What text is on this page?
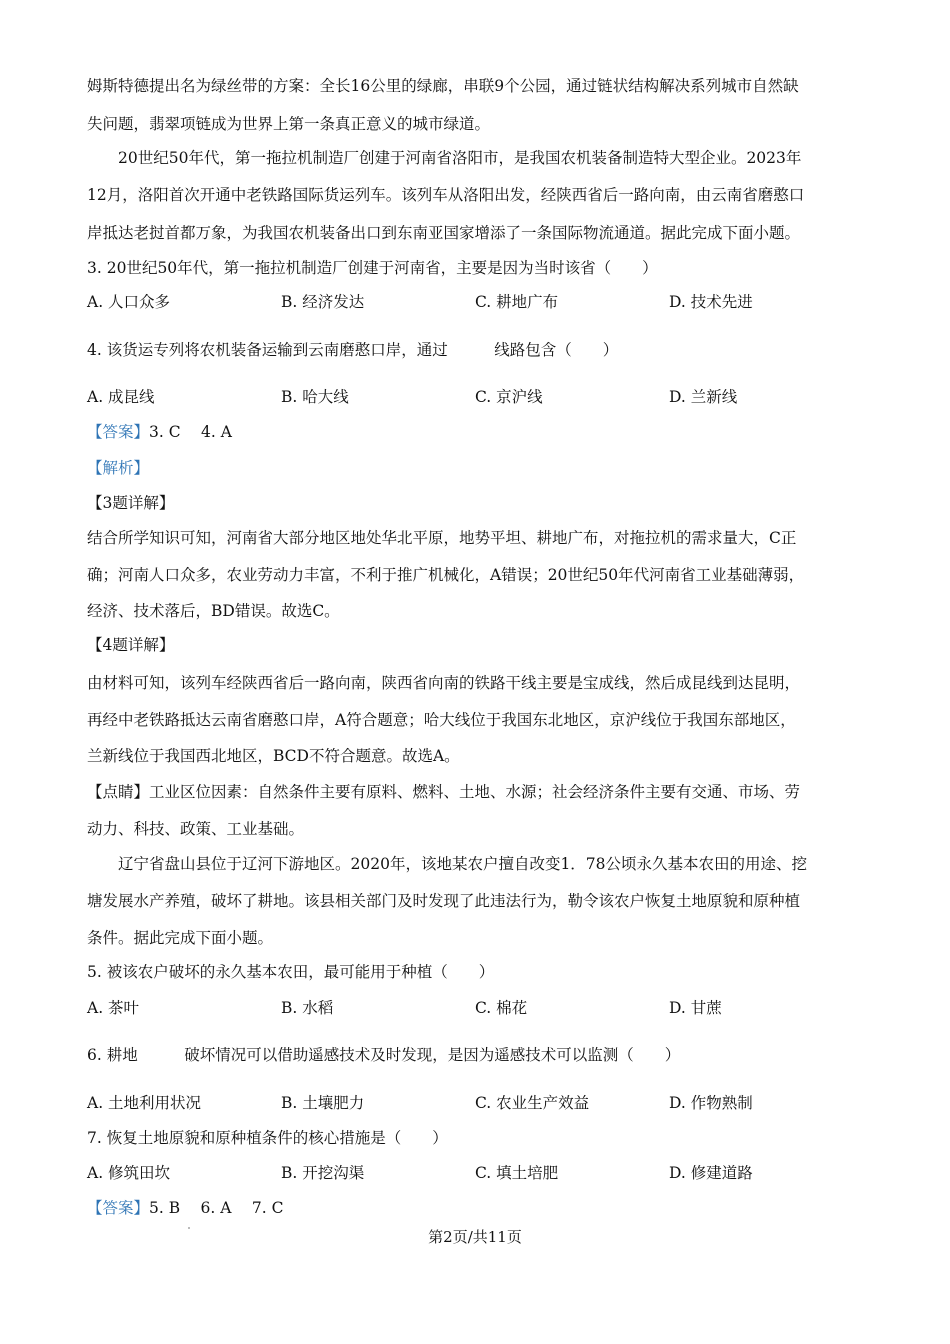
姆斯特德提出名为绿丝带的方案：全长16公里的绿廊，串联9个公园，通过链状结构解决系列城市自然缺
失问题，翡翠项链成为世界上第一条真正意义的城市绿道。
20世纪50年代，第一拖拉机制造厂创建于河南省洛阳市，是我国农机装备制造特大型企业。2023年
12月，洛阳首次开通中老铁路国际货运列车。该列车从洛阳出发，经陕西省后一路向南，由云南省磨憨口
岸抵达老挝首都万象，为我国农机装备出口到东南亚国家增添了一条国际物流通道。据此完成下面小题。
3. 20世纪50年代，第一拖拉机制造厂创建于河南省，主要是因为当时该省（　　）
A. 人口众多	B. 经济发达	C. 耕地广布	D. 技术先进
4. 该货运专列将农机装备运输到云南磨憨口岸，通过　　　线路包含（　　）
A. 成昆线	B. 哈大线	C. 京沪线	D. 兰新线
【答案】3. C　 4. A
【解析】
【3题详解】
结合所学知识可知，河南省大部分地区地处华北平原，地势平坦、耕地广布，对拖拉机的需求量大，C正
确；河南人口众多，农业劳动力丰富，不利于推广机械化，A错误；20世纪50年代河南省工业基础薄弱，
经济、技术落后，BD错误。故选C。
【4题详解】
由材料可知，该列车经陕西省后一路向南，陕西省向南的铁路干线主要是宝成线，然后成昆线到达昆明，
再经中老铁路抵达云南省磨憨口岸，A符合题意；哈大线位于我国东北地区，京沪线位于我国东部地区，
兰新线位于我国西北地区，BCD不符合题意。故选A。
【点睛】工业区位因素：自然条件主要有原料、燃料、土地、水源；社会经济条件主要有交通、市场、劳
动力、科技、政策、工业基础。
辽宁省盘山县位于辽河下游地区。2020年，该地某农户擅自改变1．78公顷永久基本农田的用途、挖
塘发展水产养殖，破坏了耕地。该县相关部门及时发现了此违法行为，勒令该农户恢复土地原貌和原种植
条件。据此完成下面小题。
5. 被该农户破坏的永久基本农田，最可能用于种植（　　）
A. 茶叶	B. 水稻	C. 棉花	D. 甘蔗
6. 耕地　　　破坏情况可以借助遥感技术及时发现，是因为遥感技术可以监测（　　）
A. 土地利用状况	B. 土壤肥力	C. 农业生产效益	D. 作物熟制
7. 恢复土地原貌和原种植条件的核心措施是（　　）
A. 修筑田坎	B. 开挖沟渠	C. 填土培肥	D. 修建道路
【答案】5. B　 6. A　 7. C
第2页/共11页
